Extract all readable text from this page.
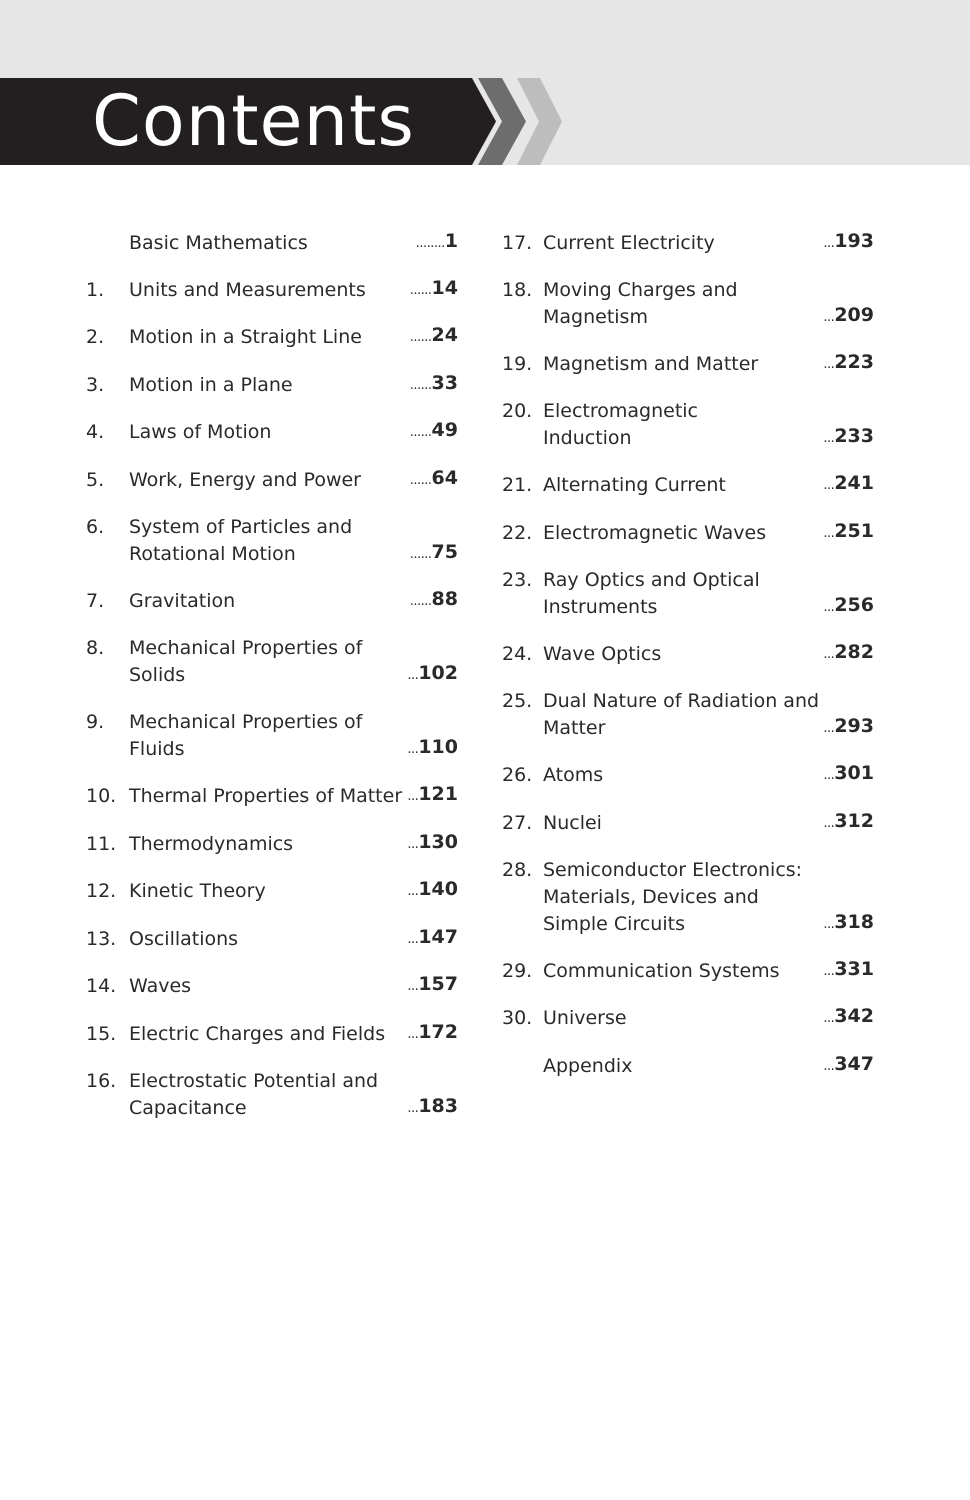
Contents
Basic Mathematics	........1
1. Units and Measurements	......14
2. Motion in a Straight Line	......24
3. Motion in a Plane	......33
4. Laws of Motion	......49
5. Work, Energy and Power	......64
6. System of Particles and
Rotational Motion	......75
7. Gravitation	......88
8. Mechanical Properties of
Solids	...102
9. Mechanical Properties of
Fluids	...110
10. Thermal Properties of Matter ...121
11. Thermodynamics	...130
12. Kinetic Theory	...140
13. Oscillations	...147
14. Waves	...157
15. Electric Charges and Fields	...172
16. Electrostatic Potential and
Capacitance	...183
17. Current Electricity	...193
18. Moving Charges and
Magnetism	...209
19. Magnetism and Matter	...223
20. Electromagnetic
Induction	...233
21. Alternating Current	...241
22. Electromagnetic Waves	...251
23. Ray Optics and Optical
Instruments	...256
24. Wave Optics	...282
25. Dual Nature of Radiation and
Matter	...293
26. Atoms	...301
27. Nuclei	...312
28. Semiconductor Electronics:
Materials, Devices and
Simple Circuits	...318
29. Communication Systems	...331
30. Universe	...342
Appendix	...347
